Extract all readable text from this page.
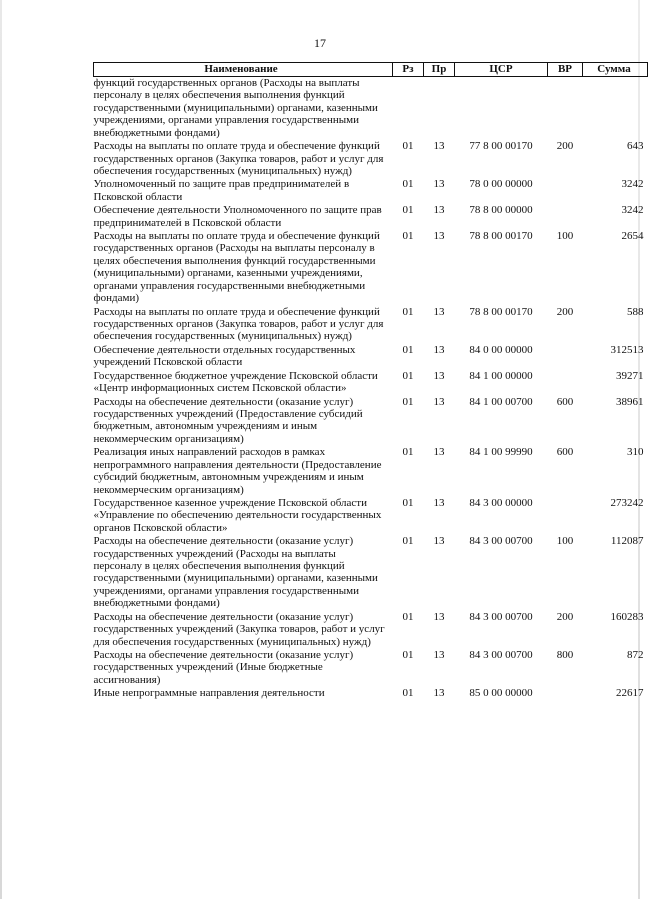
17
Наименование	Рз	Пр	ЦСР	ВР	Сумма
функций государственных органов (Расходы на выплаты персоналу в целях обеспечения выполнения функций государственными (муниципальными) органами, казенными учреждениями, органами управления государственными внебюджетными фондами)					
Расходы на выплаты по оплате труда и обеспечение функций государственных органов (Закупка товаров, работ и услуг для обеспечения государственных (муниципальных) нужд)	01	13	77 8 00 00170	200	643
Уполномоченный по защите прав предпринимателей в Псковской области	01	13	78 0 00 00000		3242
Обеспечение деятельности Уполномоченного по защите прав предпринимателей в Псковской области	01	13	78 8 00 00000		3242
Расходы на выплаты по оплате труда и обеспечение функций государственных органов (Расходы на выплаты персоналу в целях обеспечения выполнения функций государственными (муниципальными) органами, казенными учреждениями, органами управления государственными внебюджетными фондами)	01	13	78 8 00 00170	100	2654
Расходы на выплаты по оплате труда и обеспечение функций государственных органов (Закупка товаров, работ и услуг для обеспечения государственных (муниципальных) нужд)	01	13	78 8 00 00170	200	588
Обеспечение деятельности отдельных государственных учреждений Псковской области	01	13	84 0 00 00000		312513
Государственное бюджетное учреждение Псковской области «Центр информационных систем Псковской области»	01	13	84 1 00 00000		39271
Расходы на обеспечение деятельности (оказание услуг) государственных учреждений (Предоставление субсидий бюджетным, автономным учреждениям и иным некоммерческим организациям)	01	13	84 1 00 00700	600	38961
Реализация иных направлений расходов в рамках непрограммного направления деятельности (Предоставление субсидий бюджетным, автономным учреждениям и иным некоммерческим организациям)	01	13	84 1 00 99990	600	310
Государственное казенное учреждение Псковской области «Управление по обеспечению деятельности государственных органов Псковской области»	01	13	84 3 00 00000		273242
Расходы на обеспечение деятельности (оказание услуг) государственных учреждений (Расходы на выплаты персоналу в целях обеспечения выполнения функций государственными (муниципальными) органами, казенными учреждениями, органами управления государственными внебюджетными фондами)	01	13	84 3 00 00700	100	112087
Расходы на обеспечение деятельности (оказание услуг) государственных учреждений (Закупка товаров, работ и услуг для обеспечения государственных (муниципальных) нужд)	01	13	84 3 00 00700	200	160283
Расходы на обеспечение деятельности (оказание услуг) государственных учреждений (Иные бюджетные ассигнования)	01	13	84 3 00 00700	800	872
Иные непрограммные направления деятельности	01	13	85 0 00 00000		22617
